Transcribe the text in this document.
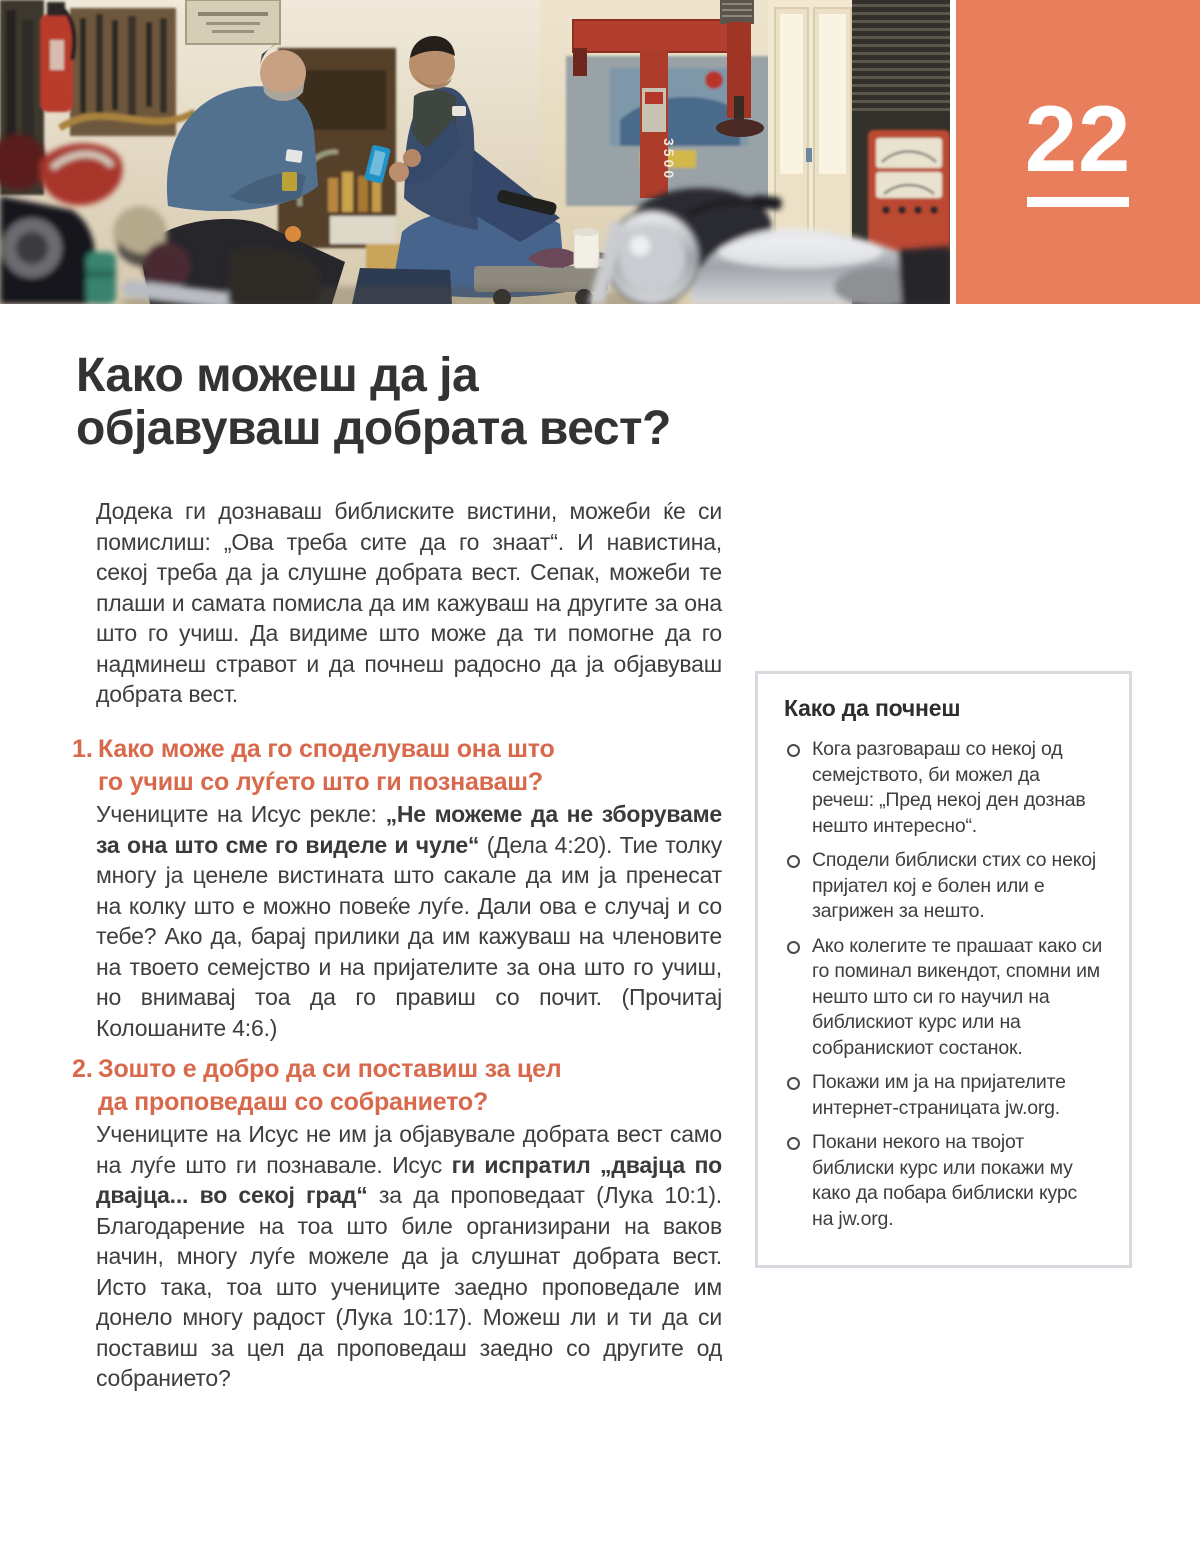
3500	22
Како можеш да ја
објавуваш добрата вест?

Додека ги дознаваш библиските вистини, можеби ќе си помислиш: „Ова треба сите да го знаат“. И навистина, секој треба да ја слушне добрата вест. Сепак, можеби те плаши и самата помисла да им кажуваш на другите за она што го учиш. Да видиме што може да ти помогне да го надминеш стравот и да почнеш радосно да ја објавуваш добрата вест.

1. Како може да го споделуваш она што
го учиш со луѓето што ги познаваш?

Учениците на Исус рекле: „Не можеме да не зборуваме за она што сме го виделе и чуле“ (Дела 4:20). Тие толку многу ја ценеле вистината што сакале да им ја пренесат на колку што е можно повеќе луѓе. Дали ова е случај и со тебе? Ако да, барај прилики да им кажуваш на членовите на твоето семејство и на пријателите за она што го учиш, но внимавај тоа да го правиш со почит. (Прочитај Колошаните 4:6.)

2. Зошто е добро да си поставиш за цел
да проповедаш со собранието?

Учениците на Исус не им ја објавувале добрата вест само на луѓе што ги познавале. Исус ги испратил „двајца по двајца... во секој град“ за да проповедаат (Лука 10:1). Благодарение на тоа што биле организирани на ваков начин, многу луѓе можеле да ја слушнат добрата вест. Исто така, тоа што учениците заедно проповедале им донело многу радост (Лука 10:17). Можеш ли и ти да си поставиш за цел да проповедаш заедно со другите од собранието?

Како да почнеш
Кога разговараш со некој од семејството, би можел да речеш: „Пред некој ден дознав нешто интересно“.
Сподели библиски стих со некој пријател кој е болен или е загрижен за нешто.
Ако колегите те прашаат како си го поминал викендот, спомни им нешто што си го научил на библискиот курс или на собранискиот состанок.
Покажи им ја на пријателите интернет-страницата jw.org.
Покани некого на твојот библиски курс или покажи му како да побара библиски курс на jw.org.
